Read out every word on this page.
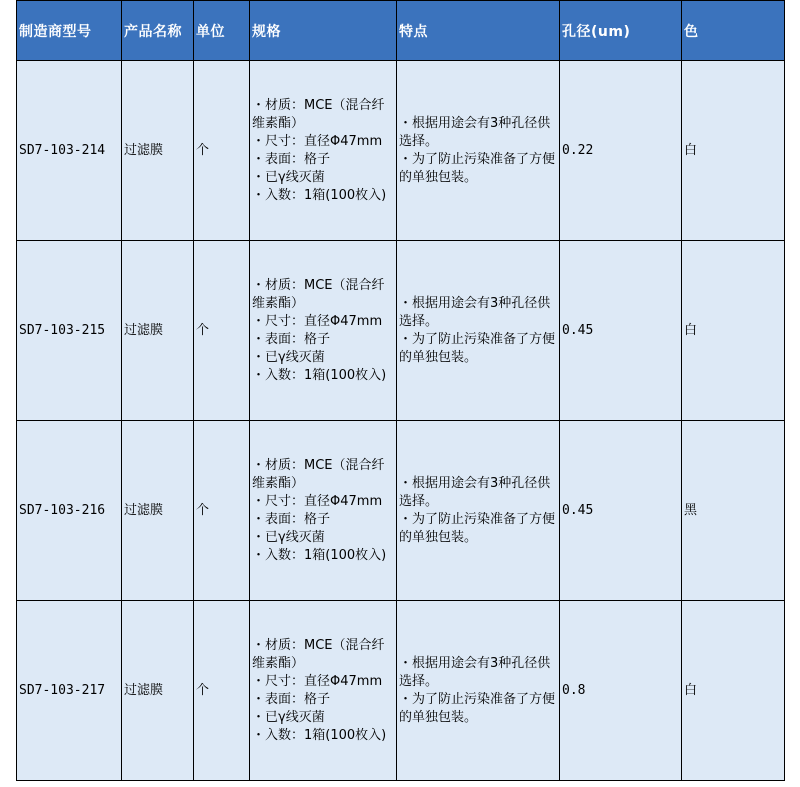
制造商型号	产品名称	单位	规格	特点	孔径(um)	色
SD7-103-214	过滤膜	个	・材质：MCE（混合纤维素酯）
・尺寸：直径Φ47mm
・表面：格子
・已γ线灭菌
・入数：1箱(100枚入)	・根据用途会有3种孔径供选择。
・为了防止污染准备了方便的单独包装。	0.22	白
SD7-103-215	过滤膜	个	・材质：MCE（混合纤维素酯）
・尺寸：直径Φ47mm
・表面：格子
・已γ线灭菌
・入数：1箱(100枚入)	・根据用途会有3种孔径供选择。
・为了防止污染准备了方便的单独包装。	0.45	白
SD7-103-216	过滤膜	个	・材质：MCE（混合纤维素酯）
・尺寸：直径Φ47mm
・表面：格子
・已γ线灭菌
・入数：1箱(100枚入)	・根据用途会有3种孔径供选择。
・为了防止污染准备了方便的单独包装。	0.45	黑
SD7-103-217	过滤膜	个	・材质：MCE（混合纤维素酯）
・尺寸：直径Φ47mm
・表面：格子
・已γ线灭菌
・入数：1箱(100枚入)	・根据用途会有3种孔径供选择。
・为了防止污染准备了方便的单独包装。	0.8	白
